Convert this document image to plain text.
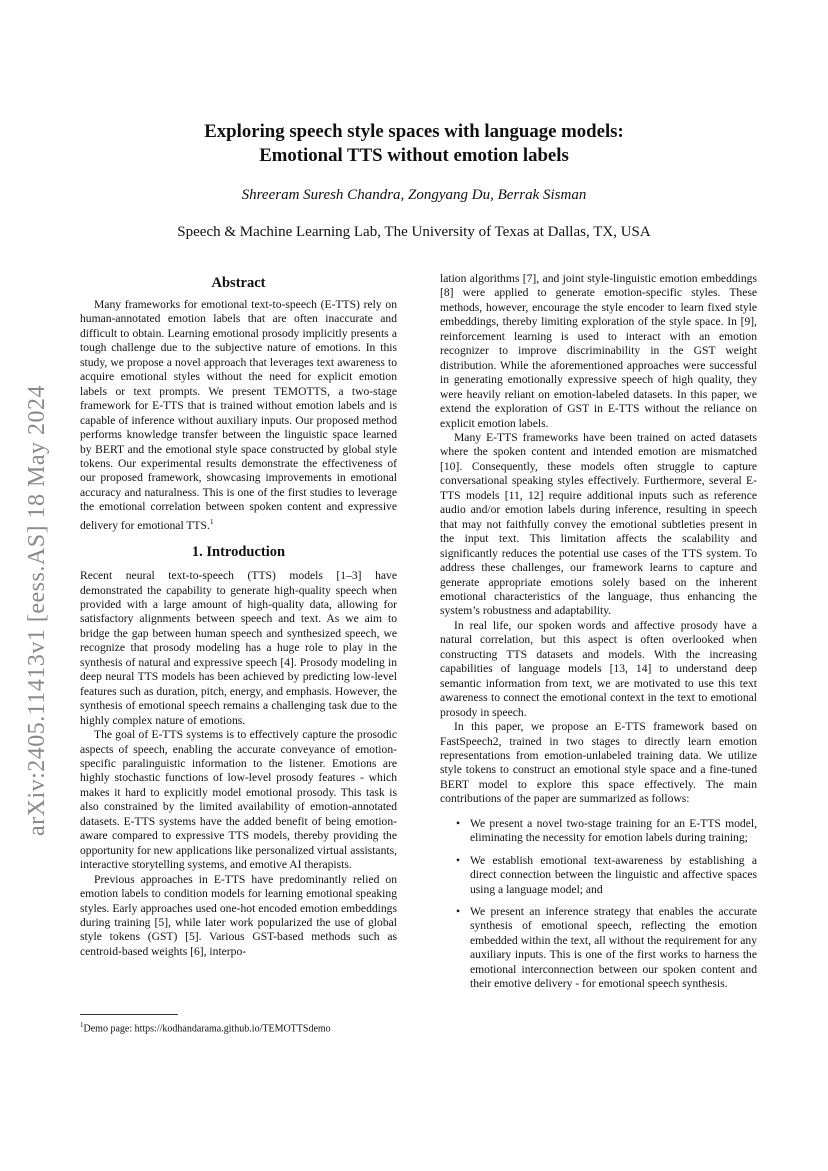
arXiv:2405.11413v1 [eess.AS] 18 May 2024
Exploring speech style spaces with language models:
Emotional TTS without emotion labels
Shreeram Suresh Chandra, Zongyang Du, Berrak Sisman
Speech & Machine Learning Lab, The University of Texas at Dallas, TX, USA
Abstract

Many frameworks for emotional text-to-speech (E-TTS) rely on human-annotated emotion labels that are often inaccurate and difficult to obtain. Learning emotional prosody implicitly presents a tough challenge due to the subjective nature of emotions. In this study, we propose a novel approach that leverages text awareness to acquire emotional styles without the need for explicit emotion labels or text prompts. We present TEMOTTS, a two-stage framework for E-TTS that is trained without emotion labels and is capable of inference without auxiliary inputs. Our proposed method performs knowledge transfer between the linguistic space learned by BERT and the emotional style space constructed by global style tokens. Our experimental results demonstrate the effectiveness of our proposed framework, showcasing improvements in emotional accuracy and naturalness. This is one of the first studies to leverage the emotional correlation between spoken content and expressive delivery for emotional TTS.$^1$

1. Introduction

Recent neural text-to-speech (TTS) models [1–3] have demonstrated the capability to generate high-quality speech when provided with a large amount of high-quality data, allowing for satisfactory alignments between speech and text. As we aim to bridge the gap between human speech and synthesized speech, we recognize that prosody modeling has a huge role to play in the synthesis of natural and expressive speech [4]. Prosody modeling in deep neural TTS models has been achieved by predicting low-level features such as duration, pitch, energy, and emphasis. However, the synthesis of emotional speech remains a challenging task due to the highly complex nature of emotions.

The goal of E-TTS systems is to effectively capture the prosodic aspects of speech, enabling the accurate conveyance of emotion-specific paralinguistic information to the listener. Emotions are highly stochastic functions of low-level prosody features - which makes it hard to explicitly model emotional prosody. This task is also constrained by the limited availability of emotion-annotated datasets. E-TTS systems have the added benefit of being emotion-aware compared to expressive TTS models, thereby providing the opportunity for new applications like personalized virtual assistants, interactive storytelling systems, and emotive AI therapists.

Previous approaches in E-TTS have predominantly relied on emotion labels to condition models for learning emotional speaking styles. Early approaches used one-hot encoded emotion embeddings during training [5], while later work popularized the use of global style tokens (GST) [5]. Various GST-based methods such as centroid-based weights [6], interpo-

lation algorithms [7], and joint style-linguistic emotion embeddings [8] were applied to generate emotion-specific styles. These methods, however, encourage the style encoder to learn fixed style embeddings, thereby limiting exploration of the style space. In [9], reinforcement learning is used to interact with an emotion recognizer to improve discriminability in the GST weight distribution. While the aforementioned approaches were successful in generating emotionally expressive speech of high quality, they were heavily reliant on emotion-labeled datasets. In this paper, we extend the exploration of GST in E-TTS without the reliance on explicit emotion labels.

Many E-TTS frameworks have been trained on acted datasets where the spoken content and intended emotion are mismatched [10]. Consequently, these models often struggle to capture conversational speaking styles effectively. Furthermore, several E-TTS models [11, 12] require additional inputs such as reference audio and/or emotion labels during inference, resulting in speech that may not faithfully convey the emotional subtleties present in the input text. This limitation affects the scalability and significantly reduces the potential use cases of the TTS system. To address these challenges, our framework learns to capture and generate appropriate emotions solely based on the inherent emotional characteristics of the language, thus enhancing the system’s robustness and adaptability.

In real life, our spoken words and affective prosody have a natural correlation, but this aspect is often overlooked when constructing TTS datasets and models. With the increasing capabilities of language models [13, 14] to understand deep semantic information from text, we are motivated to use this text awareness to connect the emotional context in the text to emotional prosody in speech.

In this paper, we propose an E-TTS framework based on FastSpeech2, trained in two stages to directly learn emotion representations from emotion-unlabeled training data. We utilize style tokens to construct an emotional style space and a fine-tuned BERT model to explore this space effectively. The main contributions of the paper are summarized as follows:

• We present a novel two-stage training for an E-TTS model, eliminating the necessity for emotion labels during training;
• We establish emotional text-awareness by establishing a direct connection between the linguistic and affective spaces using a language model; and
• We present an inference strategy that enables the accurate synthesis of emotional speech, reflecting the emotion embedded within the text, all without the requirement for any auxiliary inputs. This is one of the first works to harness the emotional interconnection between our spoken content and their emotive delivery - for emotional speech synthesis.
$^1$Demo page: https://kodhandarama.github.io/TEMOTTSdemo
